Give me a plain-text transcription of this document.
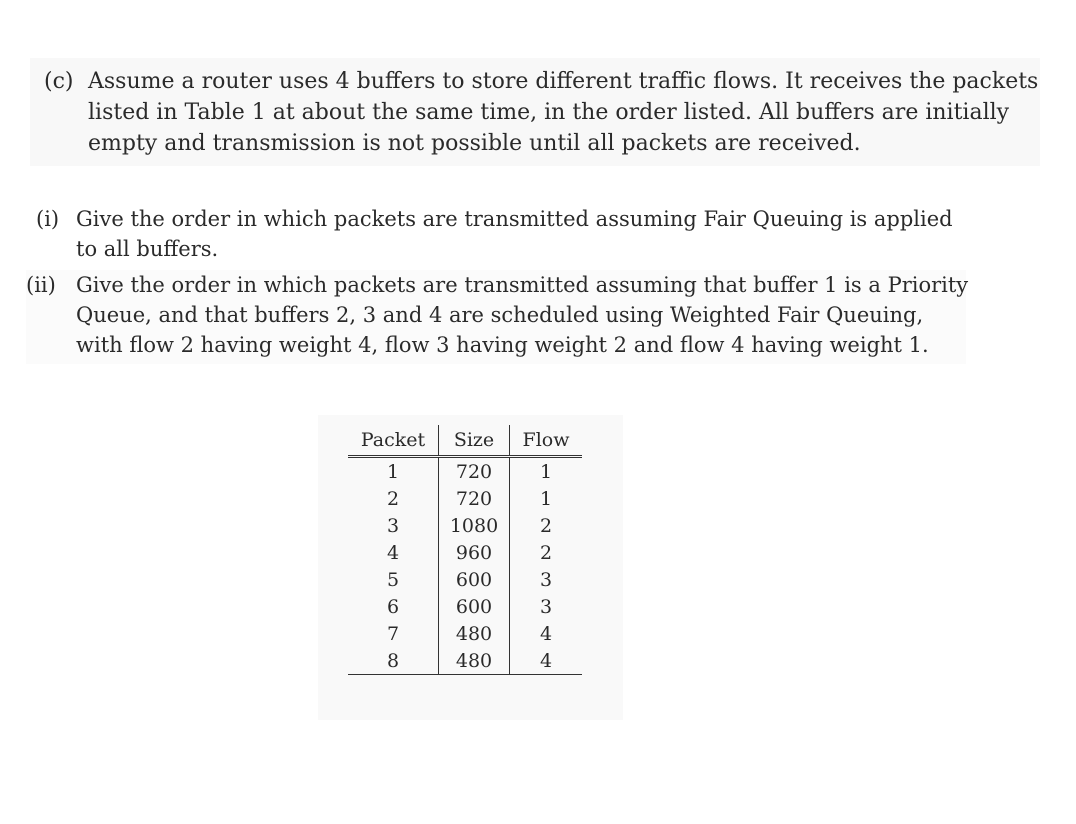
(c) Assume a router uses 4 buffers to store different traffic flows. It receives the packets
listed in Table 1 at about the same time, in the order listed. All buffers are initially
empty and transmission is not possible until all packets are received.
(i) Give the order in which packets are transmitted assuming Fair Queuing is applied
to all buffers.
(ii) Give the order in which packets are transmitted assuming that buffer 1 is a Priority
Queue, and that buffers 2, 3 and 4 are scheduled using Weighted Fair Queuing,
with flow 2 having weight 4, flow 3 having weight 2 and flow 4 having weight 1.
Packet	Size	Flow
1	720	1
2	720	1
3	1080	2
4	960	2
5	600	3
6	600	3
7	480	4
8	480	4
